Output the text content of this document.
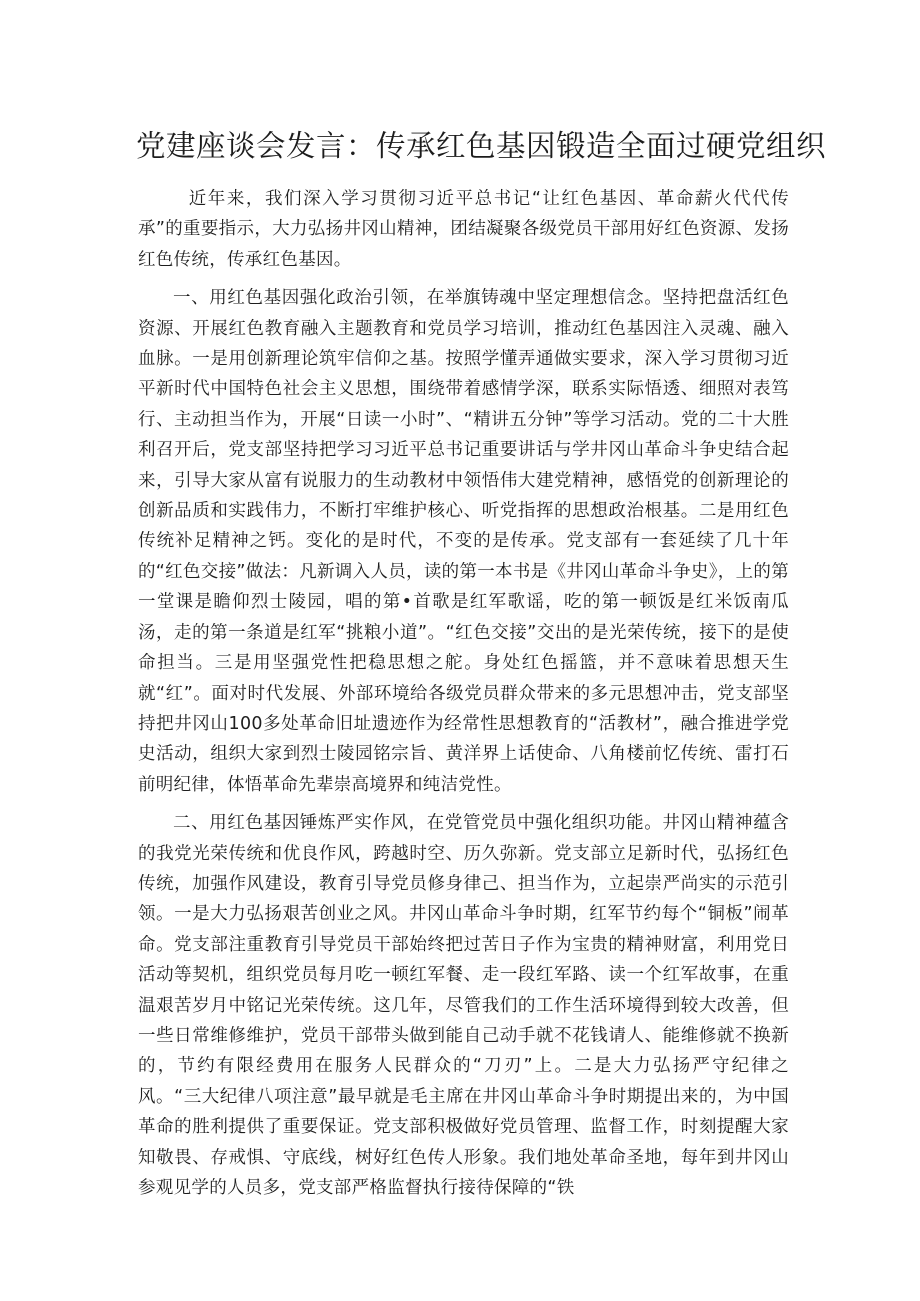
党建座谈会发言：传承红色基因锻造全面过硬党组织

近年来，我们深入学习贯彻习近平总书记“让红色基因、革命薪火代代传承”的重要指示，大力弘扬井冈山精神，团结凝聚各级党员干部用好红色资源、发扬红色传统，传承红色基因。

一、用红色基因强化政治引领，在举旗铸魂中坚定理想信念。坚持把盘活红色资源、开展红色教育融入主题教育和党员学习培训，推动红色基因注入灵魂、融入血脉。一是用创新理论筑牢信仰之基。按照学懂弄通做实要求，深入学习贯彻习近平新时代中国特色社会主义思想，围绕带着感情学深，联系实际悟透、细照对表笃行、主动担当作为，开展“日读一小时”、“精讲五分钟”等学习活动。党的二十大胜利召开后，党支部坚持把学习习近平总书记重要讲话与学井冈山革命斗争史结合起来，引导大家从富有说服力的生动教材中领悟伟大建党精神，感悟党的创新理论的创新品质和实践伟力，不断打牢维护核心、听党指挥的思想政治根基。二是用红色传统补足精神之钙。变化的是时代，不变的是传承。党支部有一套延续了几十年的“红色交接”做法：凡新调入人员，读的第一本书是《井冈山革命斗争史》，上的第一堂课是瞻仰烈士陵园，唱的第•首歌是红军歌谣，吃的第一顿饭是红米饭南瓜汤，走的第一条道是红军“挑粮小道”。“红色交接”交出的是光荣传统，接下的是使命担当。三是用坚强党性把稳思想之舵。身处红色摇篮，并不意味着思想天生就“红”。面对时代发展、外部环境给各级党员群众带来的多元思想冲击，党支部坚持把井冈山100多处革命旧址遗迹作为经常性思想教育的“活教材”，融合推进学党史活动，组织大家到烈士陵园铭宗旨、黄洋界上话使命、八角楼前忆传统、雷打石前明纪律，体悟革命先辈崇高境界和纯洁党性。

二、用红色基因锤炼严实作风，在党管党员中强化组织功能。井冈山精神蕴含的我党光荣传统和优良作风，跨越时空、历久弥新。党支部立足新时代，弘扬红色传统，加强作风建设，教育引导党员修身律己、担当作为，立起崇严尚实的示范引领。一是大力弘扬艰苦创业之风。井冈山革命斗争时期，红军节约每个“铜板”闹革命。党支部注重教育引导党员干部始终把过苦日子作为宝贵的精神财富，利用党日活动等契机，组织党员每月吃一顿红军餐、走一段红军路、读一个红军故事，在重温艰苦岁月中铭记光荣传统。这几年，尽管我们的工作生活环境得到较大改善，但一些日常维修维护，党员干部带头做到能自己动手就不花钱请人、能维修就不换新的，节约有限经费用在服务人民群众的“刀刃”上。二是大力弘扬严守纪律之风。“三大纪律八项注意”最早就是毛主席在井冈山革命斗争时期提出来的，为中国革命的胜利提供了重要保证。党支部积极做好党员管理、监督工作，时刻提醒大家知敬畏、存戒惧、守底线，树好红色传人形象。我们地处革命圣地，每年到井冈山参观见学的人员多，党支部严格监督执行接待保障的“铁
